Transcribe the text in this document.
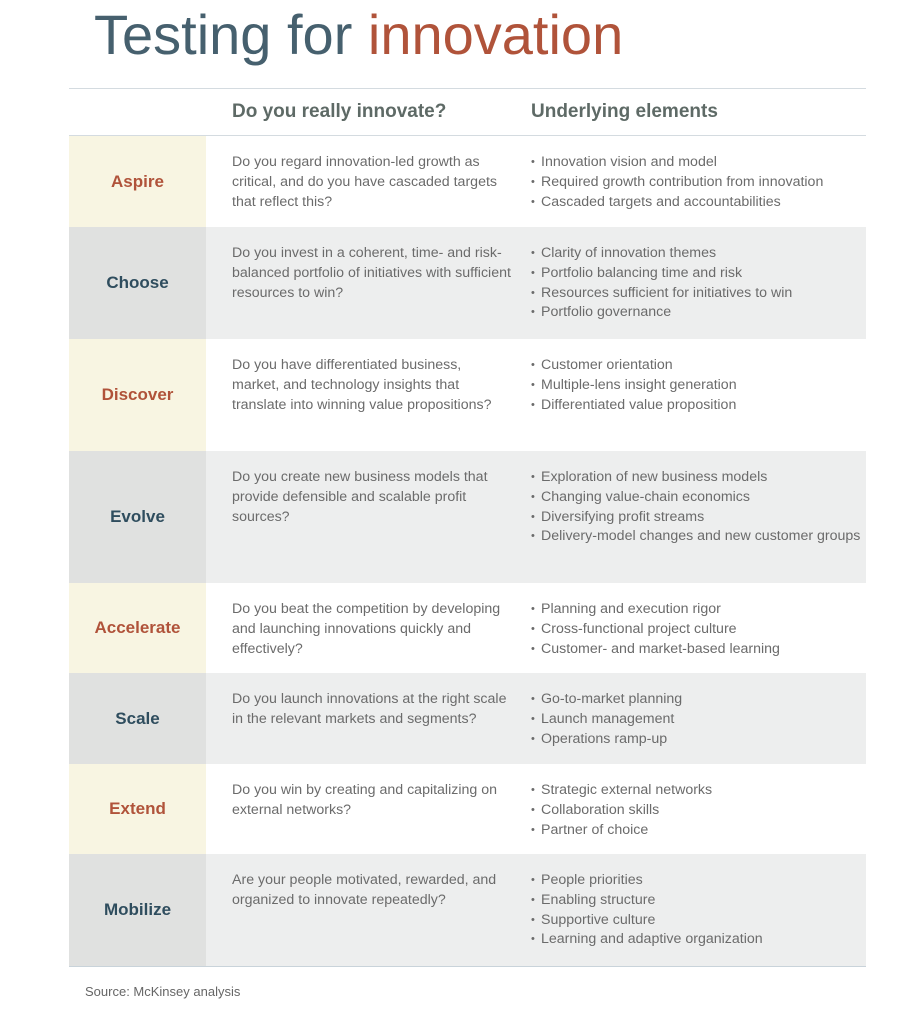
Testing for innovation
Do you really innovate?	Underlying elements
Aspire
Do you regard innovation-led growth as critical, and do you have cascaded targets that reflect this?
• Innovation vision and model
• Required growth contribution from innovation
• Cascaded targets and accountabilities
Choose
Do you invest in a coherent, time- and risk-balanced portfolio of initiatives with sufficient resources to win?
• Clarity of innovation themes
• Portfolio balancing time and risk
• Resources sufficient for initiatives to win
• Portfolio governance
Discover
Do you have differentiated business, market, and technology insights that translate into winning value propositions?
• Customer orientation
• Multiple-lens insight generation
• Differentiated value proposition
Evolve
Do you create new business models that provide defensible and scalable profit sources?
• Exploration of new business models
• Changing value-chain economics
• Diversifying profit streams
• Delivery-model changes and new customer groups
Accelerate
Do you beat the competition by developing and launching innovations quickly and effectively?
• Planning and execution rigor
• Cross-functional project culture
• Customer- and market-based learning
Scale
Do you launch innovations at the right scale in the relevant markets and segments?
• Go-to-market planning
• Launch management
• Operations ramp-up
Extend
Do you win by creating and capitalizing on external networks?
• Strategic external networks
• Collaboration skills
• Partner of choice
Mobilize
Are your people motivated, rewarded, and organized to innovate repeatedly?
• People priorities
• Enabling structure
• Supportive culture
• Learning and adaptive organization
Source: McKinsey analysis
